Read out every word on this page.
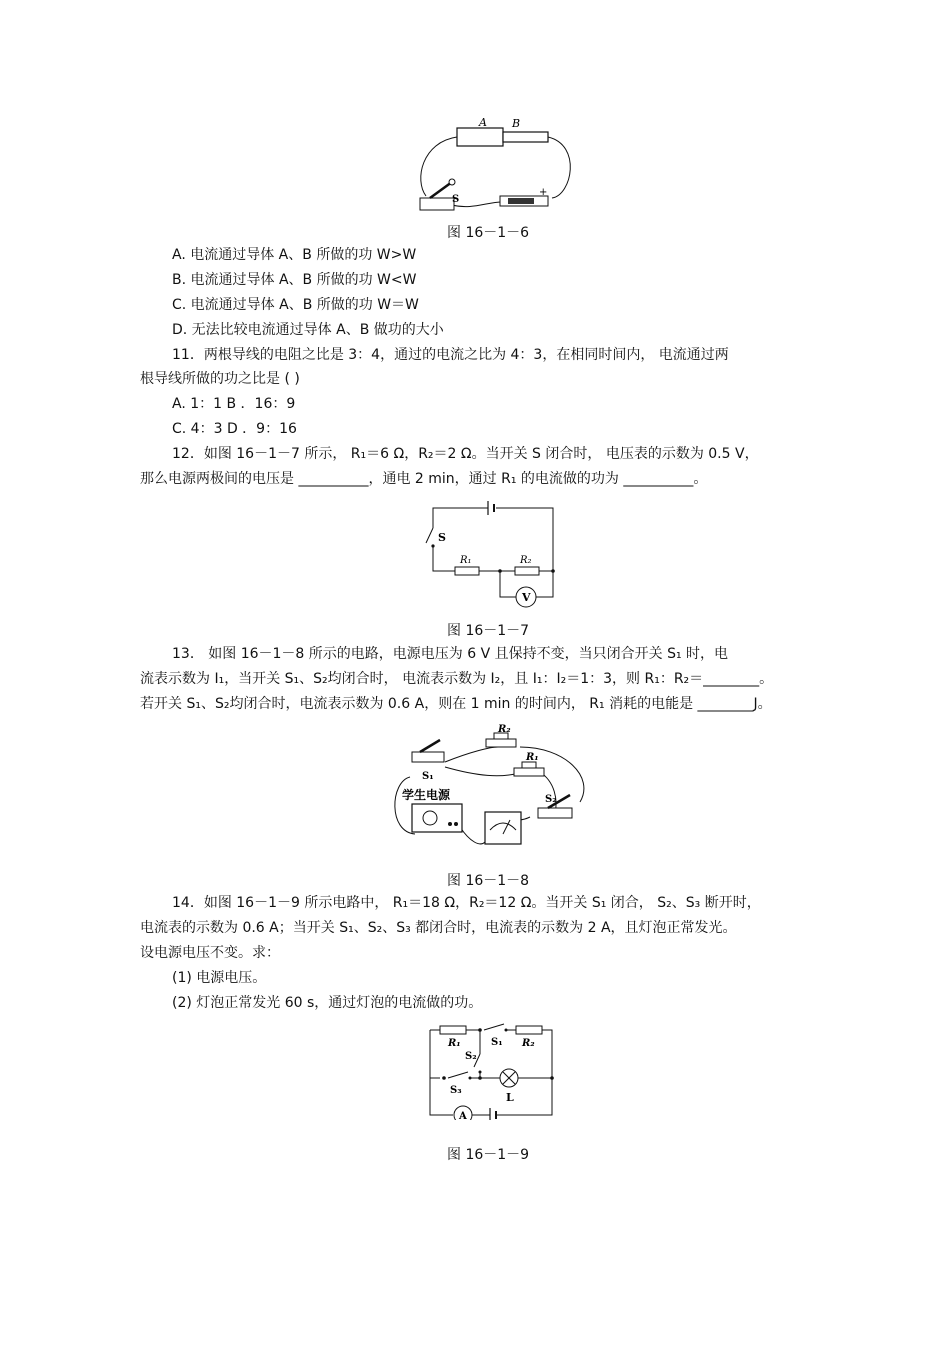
A B
S
+
图 16－1－6
A. 电流通过导体 A、B 所做的功 W>W
B. 电流通过导体 A、B 所做的功 W<W
C. 电流通过导体 A、B 所做的功 W＝W
D. 无法比较电流通过导体 A、B 做功的大小
11．两根导线的电阻之比是 3：4，通过的电流之比为 4：3，在相同时间内， 电流通过两
根导线所做的功之比是 ( )
A. 1：1 B ．16：9
C. 4：3 D ．9：16
12．如图 16－1－7 所示， R₁＝6 Ω，R₂＝2 Ω。当开关 S 闭合时， 电压表的示数为 0.5 V，
那么电源两极间的电压是 __________，通电 2 min，通过 R₁ 的电流做的功为 __________。
S
R₁	R₂
V
图 16－1－7
13． 如图 16－1－8 所示的电路，电源电压为 6 V 且保持不变，当只闭合开关 S₁ 时，电
流表示数为 I₁，当开关 S₁、S₂均闭合时， 电流表示数为 I₂，且 I₁：I₂＝1：3，则 R₁：R₂＝________。
若开关 S₁、S₂均闭合时，电流表示数为 0.6 A，则在 1 min 的时间内， R₁ 消耗的电能是 ________J。
S₁
R₂
R₁
S₂
学生电源
图 16－1－8
14．如图 16－1－9 所示电路中， R₁＝18 Ω，R₂＝12 Ω。当开关 S₁ 闭合， S₂、S₃ 断开时，
电流表的示数为 0.6 A；当开关 S₁、S₂、S₃ 都闭合时，电流表的示数为 2 A，且灯泡正常发光。
设电源电压不变。求：
(1) 电源电压。
(2) 灯泡正常发光 60 s，通过灯泡的电流做的功。
R₁	S₁ R₂
S₂
S₃
L
A
图 16－1－9
